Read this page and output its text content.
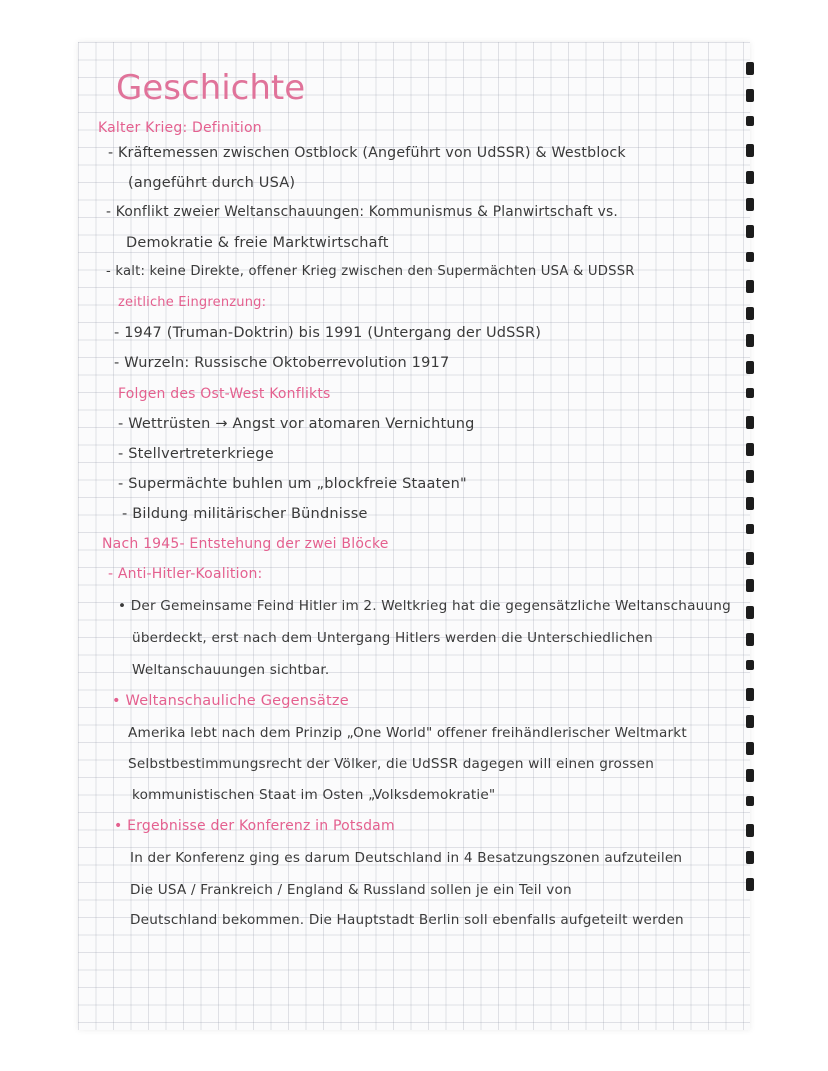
Geschichte

Kalter Krieg: Definition

- Kräftemessen zwischen Ostblock (Angeführt von UdSSR) & Westblock

(angeführt durch USA)

- Konflikt zweier Weltanschauungen: Kommunismus & Planwirtschaft vs.

Demokratie & freie Marktwirtschaft

- kalt: keine Direkte, offener Krieg zwischen den Supermächten USA & UDSSR

zeitliche Eingrenzung:

- 1947 (Truman-Doktrin) bis 1991 (Untergang der UdSSR)

- Wurzeln: Russische Oktoberrevolution 1917

Folgen des Ost-West Konflikts

- Wettrüsten → Angst vor atomaren Vernichtung

- Stellvertreterkriege

- Supermächte buhlen um „blockfreie Staaten"

- Bildung militärischer Bündnisse

Nach 1945- Entstehung der zwei Blöcke

- Anti-Hitler-Koalition:

• Der Gemeinsame Feind Hitler im 2. Weltkrieg hat die gegensätzliche Weltanschauung

überdeckt, erst nach dem Untergang Hitlers werden die Unterschiedlichen

Weltanschauungen sichtbar.

• Weltanschauliche Gegensätze

Amerika lebt nach dem Prinzip „One World" offener freihändlerischer Weltmarkt

Selbstbestimmungsrecht der Völker, die UdSSR dagegen will einen grossen

kommunistischen Staat im Osten „Volksdemokratie"

• Ergebnisse der Konferenz in Potsdam

In der Konferenz ging es darum Deutschland in 4 Besatzungszonen aufzuteilen

Die USA / Frankreich / England & Russland sollen je ein Teil von

Deutschland bekommen. Die Hauptstadt Berlin soll ebenfalls aufgeteilt werden
